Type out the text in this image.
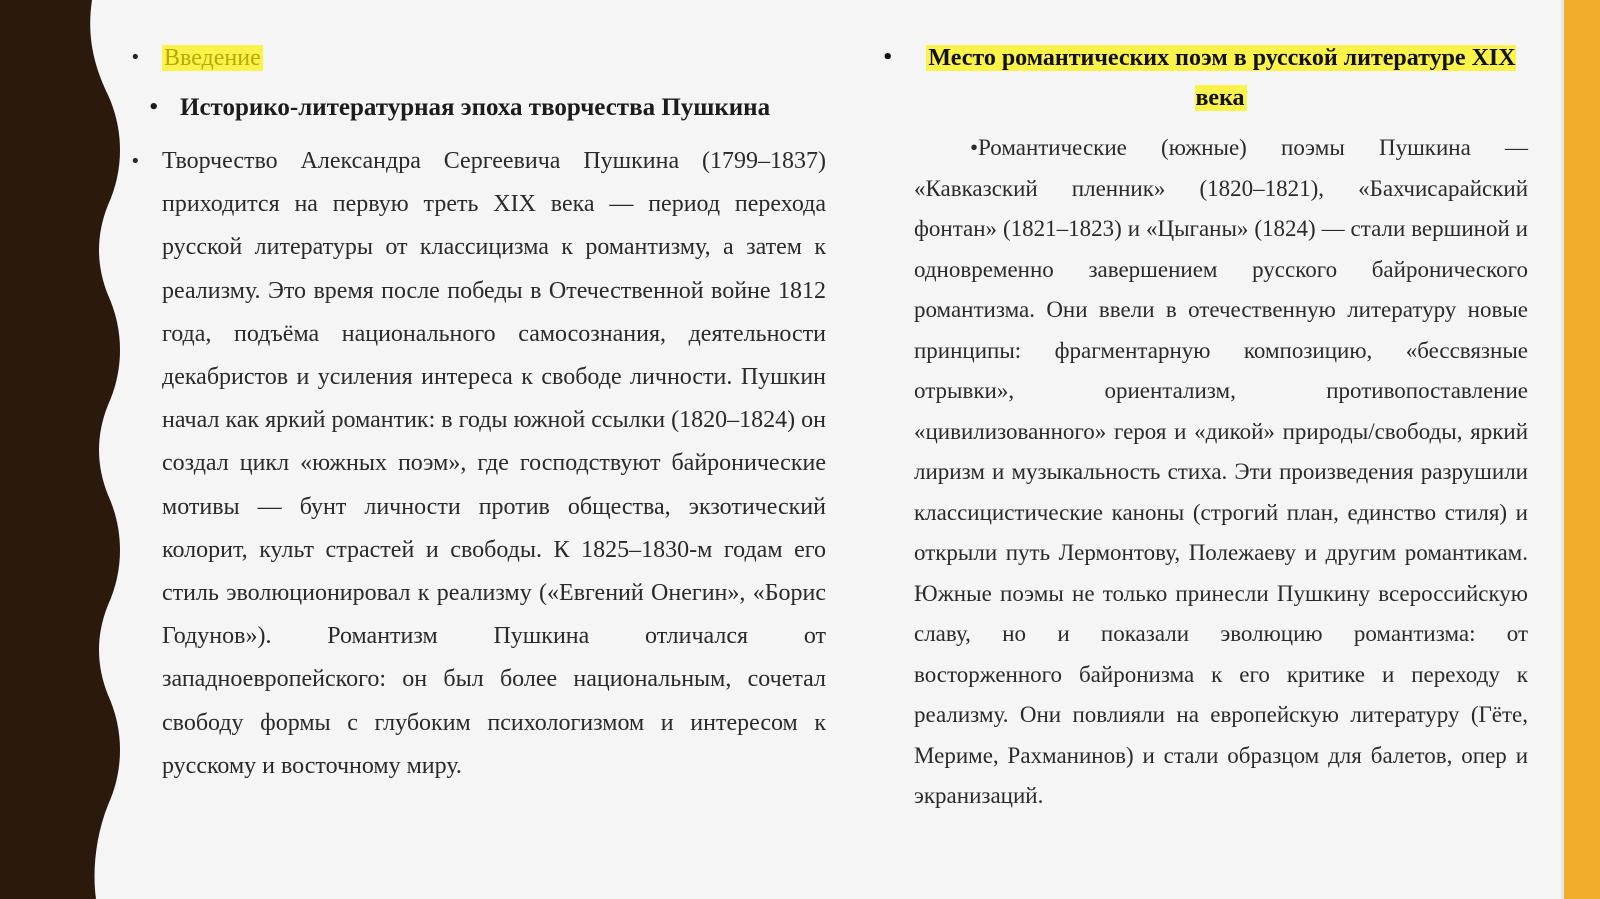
• Введение

• Историко-литературная эпоха творчества Пушкина

• Творчество Александра Сергеевича Пушкина (1799–1837) приходится на первую треть XIX века — период перехода русской литературы от классицизма к романтизму, а затем к реализму. Это время после победы в Отечественной войне 1812 года, подъёма национального самосознания, деятельности декабристов и усиления интереса к свободе личности. Пушкин начал как яркий романтик: в годы южной ссылки (1820–1824) он создал цикл «южных поэм», где господствуют байронические мотивы — бунт личности против общества, экзотический колорит, культ страстей и свободы. К 1825–1830-м годам его стиль эволюционировал к реализму («Евгений Онегин», «Борис Годунов»). Романтизм Пушкина отличался от западноевропейского: он был более национальным, сочетал свободу формы с глубоким психологизмом и интересом к русскому и восточному миру.

• Место романтических поэм в русской литературе XIX века

•Романтические (южные) поэмы Пушкина — «Кавказский пленник» (1820–1821), «Бахчисарайский фонтан» (1821–1823) и «Цыганы» (1824) — стали вершиной и одновременно завершением русского байронического романтизма. Они ввели в отечественную литературу новые принципы: фрагментарную композицию, «бессвязные отрывки», ориентализм, противопоставление «цивилизованного» героя и «дикой» природы/свободы, яркий лиризм и музыкальность стиха. Эти произведения разрушили классицистические каноны (строгий план, единство стиля) и открыли путь Лермонтову, Полежаеву и другим романтикам. Южные поэмы не только принесли Пушкину всероссийскую славу, но и показали эволюцию романтизма: от восторженного байронизма к его критике и переходу к реализму. Они повлияли на европейскую литературу (Гёте, Мериме, Рахманинов) и стали образцом для балетов, опер и экранизаций.
